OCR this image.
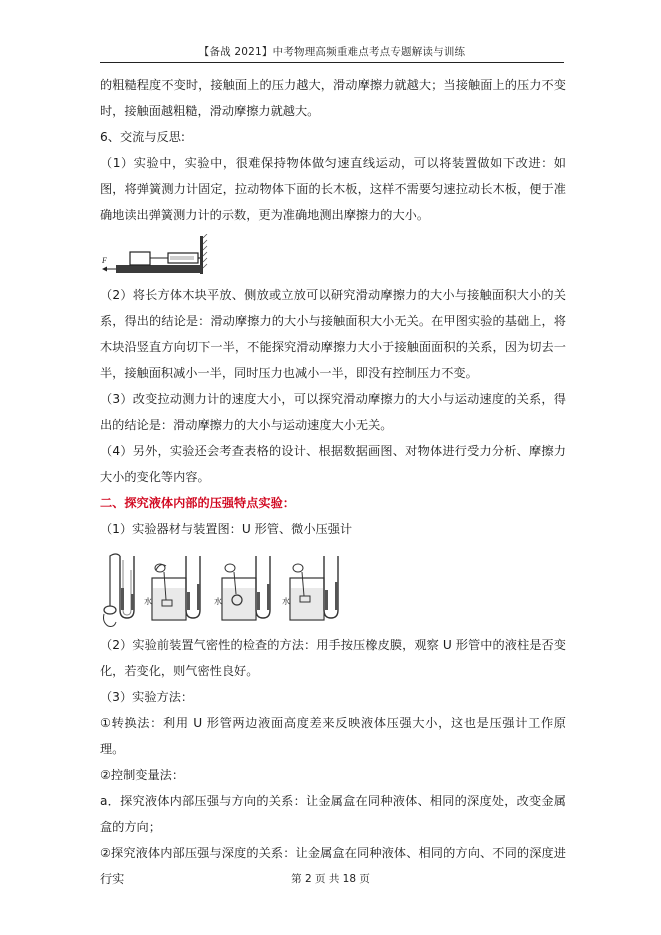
【备战 2021】中考物理高频重难点考点专题解读与训练

的粗糙程度不变时，接触面上的压力越大，滑动摩擦力就越大；当接触面上的压力不变时，接触面越粗糙，滑动摩擦力就越大。

6、交流与反思:

（1）实验中，实验中，很难保持物体做匀速直线运动，可以将装置做如下改进：如图，将弹簧测力计固定，拉动物体下面的长木板，这样不需要匀速拉动长木板，便于准确地读出弹簧测力计的示数，更为准确地测出摩擦力的大小。

F

（2）将长方体木块平放、侧放或立放可以研究滑动摩擦力的大小与接触面积大小的关系，得出的结论是：滑动摩擦力的大小与接触面积大小无关。在甲图实验的基础上，将木块沿竖直方向切下一半，不能探究滑动摩擦力大小于接触面面积的关系，因为切去一半，接触面积减小一半，同时压力也减小一半，即没有控制压力不变。

（3）改变拉动测力计的速度大小，可以探究滑动摩擦力的大小与运动速度的关系，得出的结论是：滑动摩擦力的大小与运动速度大小无关。

（4）另外，实验还会考查表格的设计、根据数据画图、对物体进行受力分析、摩擦力大小的变化等内容。

二、探究液体内部的压强特点实验：

（1）实验器材与装置图：U 形管、微小压强计

水	水	水

（2）实验前装置气密性的检查的方法：用手按压橡皮膜，观察 U 形管中的液柱是否变化，若变化，则气密性良好。

（3）实验方法：

①转换法：利用 U 形管两边液面高度差来反映液体压强大小，这也是压强计工作原理。

②控制变量法：

a．探究液体内部压强与方向的关系：让金属盒在同种液体、相同的深度处，改变金属盒的方向；

②探究液体内部压强与深度的关系：让金属盒在同种液体、相同的方向、不同的深度进行实	第 2 页 共 18 页
